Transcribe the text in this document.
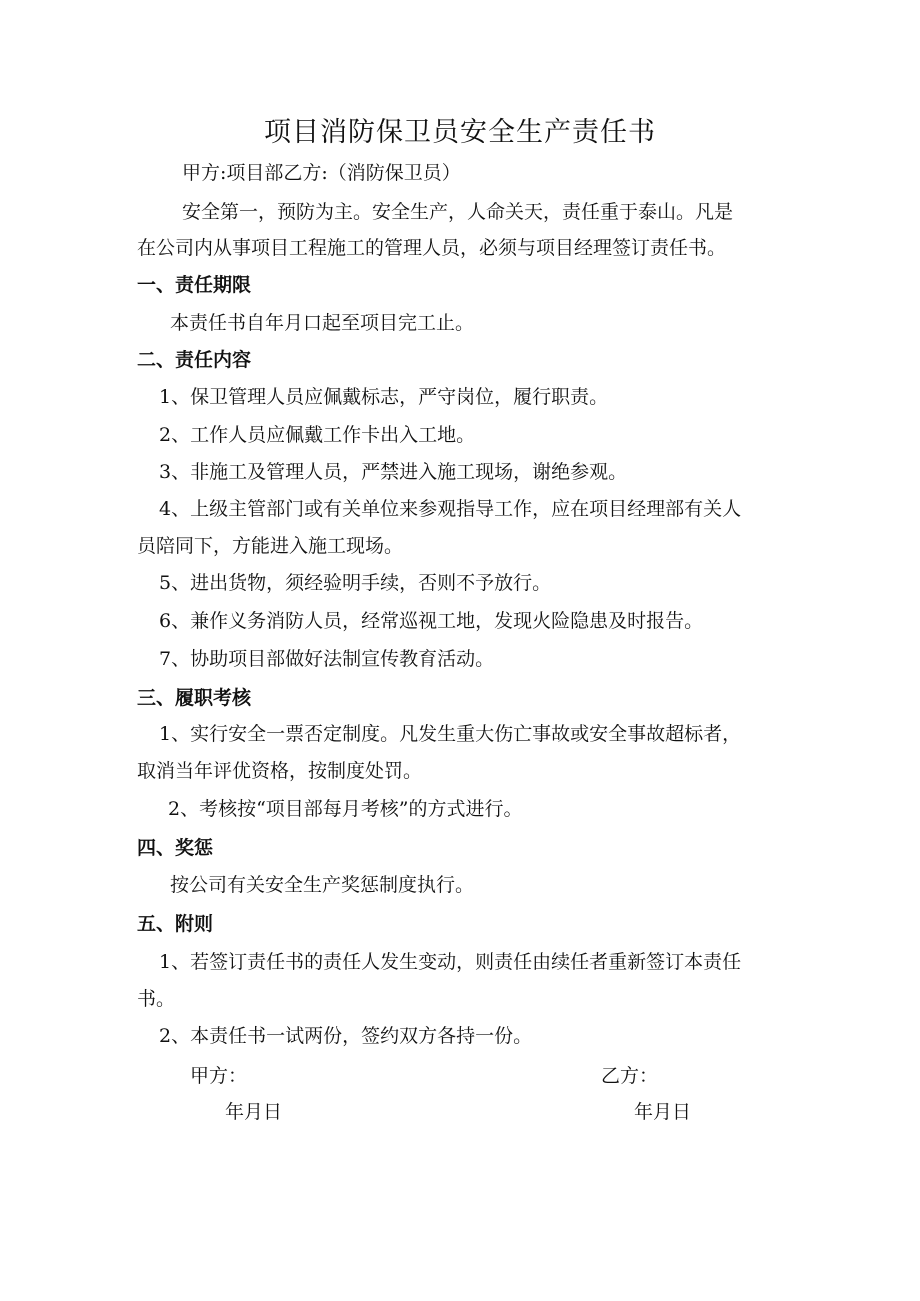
项目消防保卫员安全生产责任书
甲方:项目部乙方:（消防保卫员）
安全第一，预防为主。安全生产，人命关天，责任重于泰山。凡是
在公司内从事项目工程施工的管理人员，必须与项目经理签订责任书。
一、责任期限
本责任书自年月口起至项目完工止。
二、责任内容
1、保卫管理人员应佩戴标志，严守岗位，履行职责。
2、工作人员应佩戴工作卡出入工地。
3、非施工及管理人员，严禁进入施工现场，谢绝参观。
4、上级主管部门或有关单位来参观指导工作，应在项目经理部有关人
员陪同下，方能进入施工现场。
5、进出货物，须经验明手续，否则不予放行。
6、兼作义务消防人员，经常巡视工地，发现火险隐患及时报告。
7、协助项目部做好法制宣传教育活动。
三、履职考核
1、实行安全一票否定制度。凡发生重大伤亡事故或安全事故超标者，
取消当年评优资格，按制度处罚。
2、考核按“项目部每月考核”的方式进行。
四、奖惩
按公司有关安全生产奖惩制度执行。
五、附则
1、若签订责任书的责任人发生变动，则责任由续任者重新签订本责任
书。
2、本责任书一试两份，签约双方各持一份。
甲方：	乙方：
年月日	年月日
